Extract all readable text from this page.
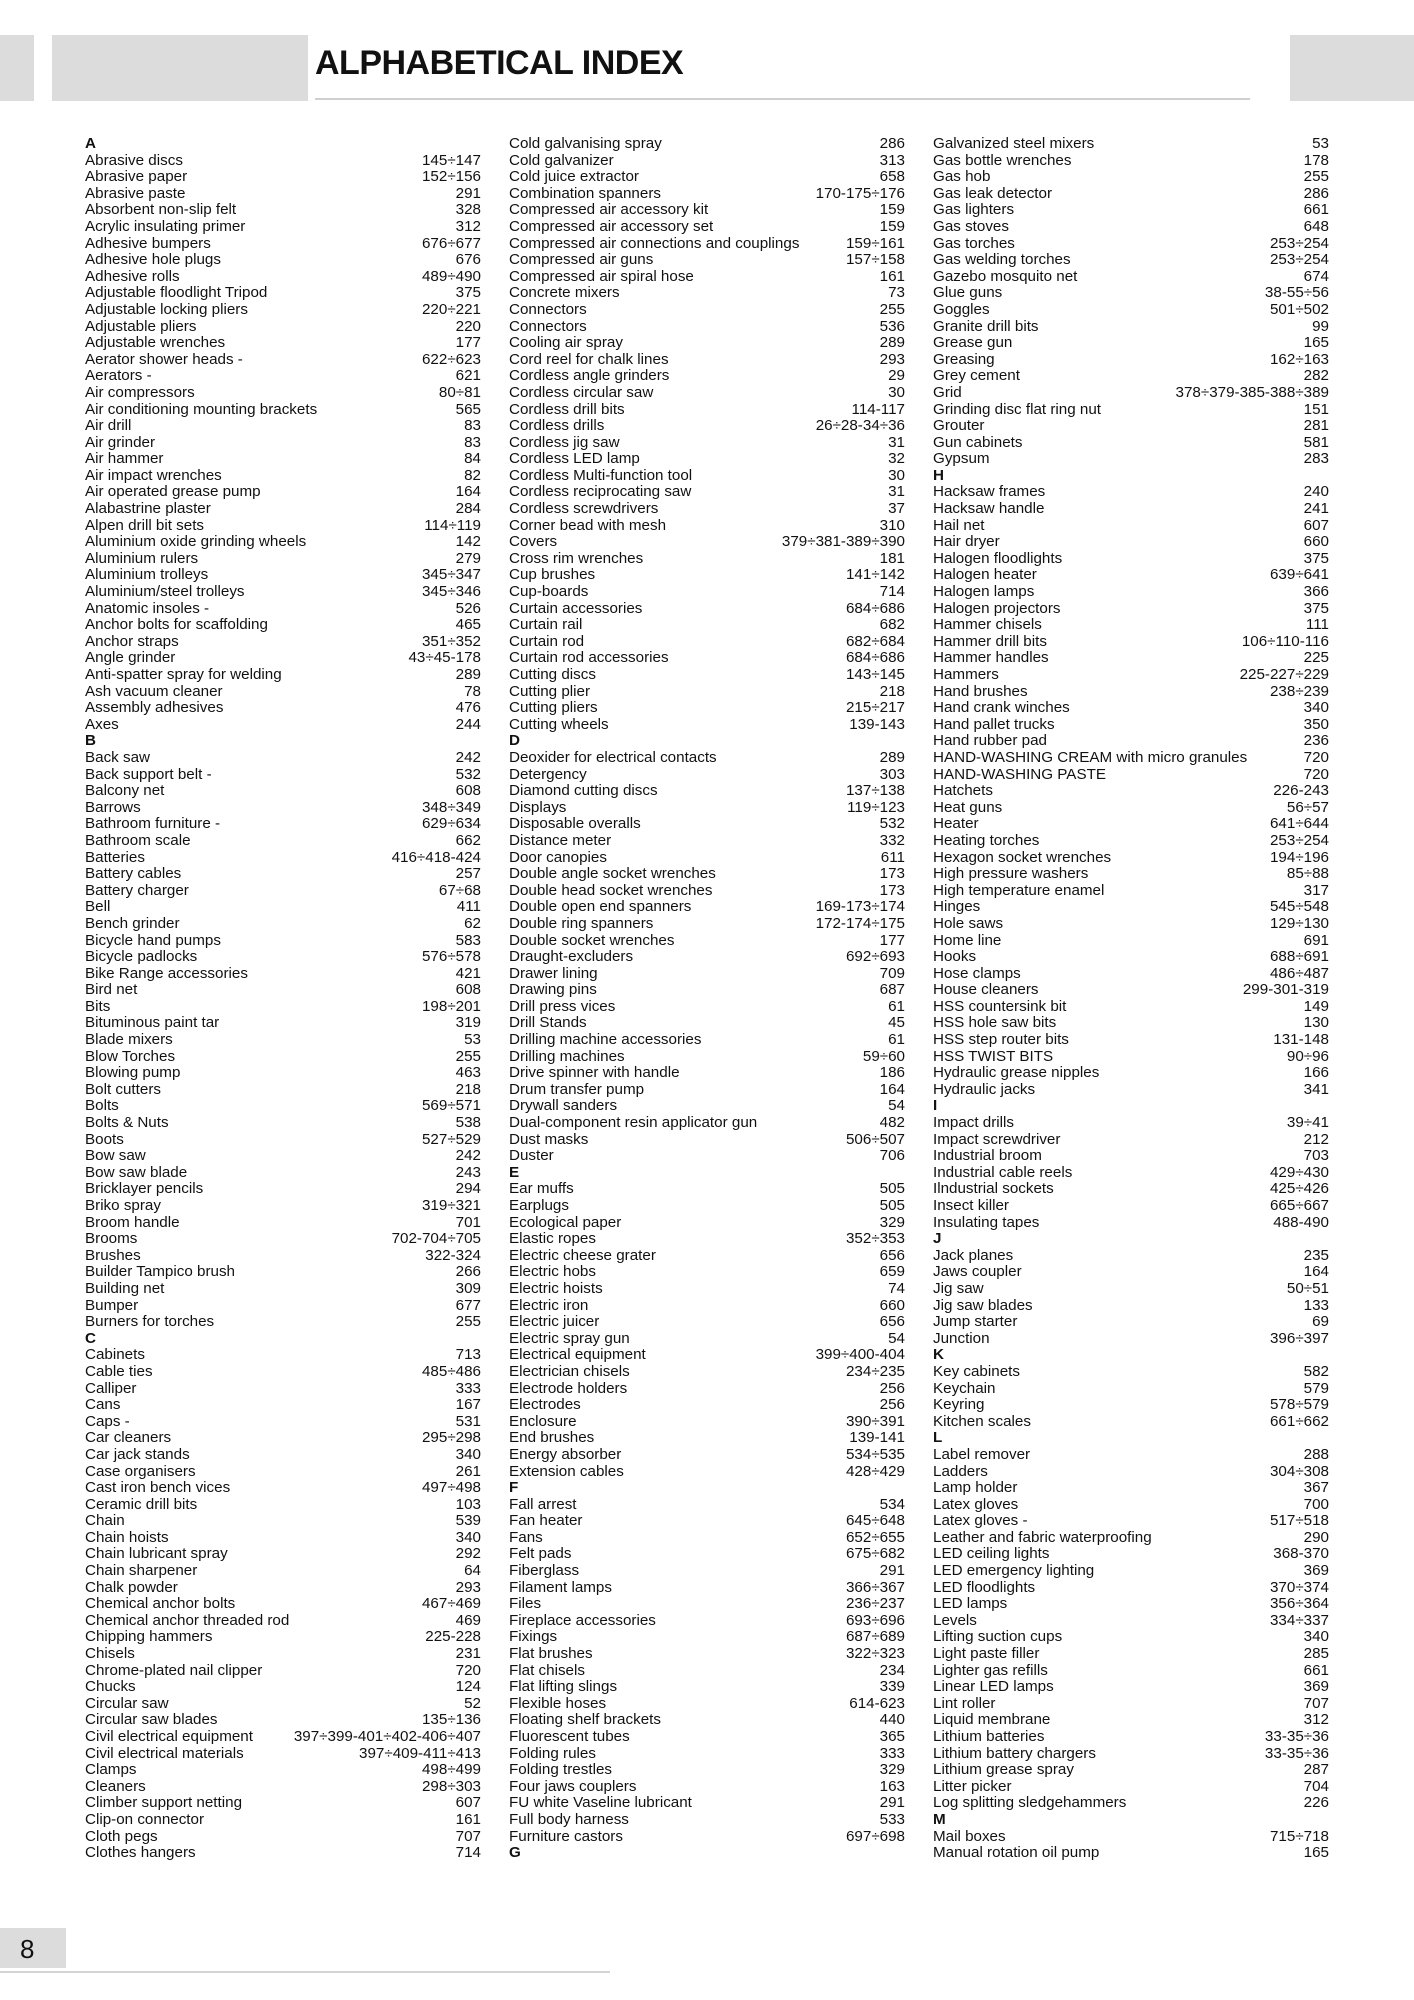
ALPHABETICAL INDEX
A
Abrasive discs	145÷147
Abrasive paper	152÷156
Abrasive paste	291
Absorbent non-slip felt	328
Acrylic insulating primer	312
Adhesive bumpers	676÷677
Adhesive hole plugs	676
Adhesive rolls	489÷490
Adjustable floodlight Tripod	375
Adjustable locking pliers	220÷221
Adjustable pliers	220
Adjustable wrenches	177
Aerator shower heads -	622÷623
Aerators -	621
Air compressors	80÷81
Air conditioning mounting brackets	565
Air drill	83
Air grinder	83
Air hammer	84
Air impact wrenches	82
Air operated grease pump	164
Alabastrine plaster	284
Alpen drill bit sets	114÷119
Aluminium oxide grinding wheels	142
Aluminium rulers	279
Aluminium trolleys	345÷347
Aluminium/steel trolleys	345÷346
Anatomic insoles -	526
Anchor bolts for scaffolding	465
Anchor straps	351÷352
Angle grinder	43÷45-178
Anti-spatter spray for welding	289
Ash vacuum cleaner	78
Assembly adhesives	476
Axes	244
B
Back saw	242
Back support belt -	532
Balcony net	608
Barrows	348÷349
Bathroom furniture -	629÷634
Bathroom scale	662
Batteries	416÷418-424
Battery cables	257
Battery charger	67÷68
Bell	411
Bench grinder	62
Bicycle hand pumps	583
Bicycle padlocks	576÷578
Bike Range accessories	421
Bird net	608
Bits	198÷201
Bituminous paint tar	319
Blade mixers	53
Blow Torches	255
Blowing pump	463
Bolt cutters	218
Bolts	569÷571
Bolts & Nuts	538
Boots	527÷529
Bow saw	242
Bow saw blade	243
Bricklayer pencils	294
Briko spray	319÷321
Broom handle	701
Brooms	702-704÷705
Brushes	322-324
Builder Tampico brush	266
Building net	309
Bumper	677
Burners for torches	255
C
Cabinets	713
Cable ties	485÷486
Calliper	333
Cans	167
Caps -	531
Car cleaners	295÷298
Car jack stands	340
Case organisers	261
Cast iron bench vices	497÷498
Ceramic drill bits	103
Chain	539
Chain hoists	340
Chain lubricant spray	292
Chain sharpener	64
Chalk powder	293
Chemical anchor bolts	467÷469
Chemical anchor threaded rod	469
Chipping hammers	225-228
Chisels	231
Chrome-plated nail clipper	720
Chucks	124
Circular saw	52
Circular saw blades	135÷136
Civil electrical equipment	397÷399-401÷402-406÷407
Civil electrical materials	397÷409-411÷413
Clamps	498÷499
Cleaners	298÷303
Climber support netting	607
Clip-on connector	161
Cloth pegs	707
Clothes hangers	714
Cold galvanising spray	286
Cold galvanizer	313
Cold juice extractor	658
Combination spanners	170-175÷176
Compressed air accessory kit	159
Compressed air accessory set	159
Compressed air connections and couplings	159÷161
Compressed air guns	157÷158
Compressed air spiral hose	161
Concrete mixers	73
Connectors	255
Connectors	536
Cooling air spray	289
Cord reel for chalk lines	293
Cordless angle grinders	29
Cordless circular saw	30
Cordless drill bits	114-117
Cordless drills	26÷28-34÷36
Cordless jig saw	31
Cordless LED lamp	32
Cordless Multi-function tool	30
Cordless reciprocating saw	31
Cordless screwdrivers	37
Corner bead with mesh	310
Covers	379÷381-389÷390
Cross rim wrenches	181
Cup brushes	141÷142
Cup-boards	714
Curtain accessories	684÷686
Curtain rail	682
Curtain rod	682÷684
Curtain rod accessories	684÷686
Cutting discs	143÷145
Cutting plier	218
Cutting pliers	215÷217
Cutting wheels	139-143
D
Deoxider for electrical contacts	289
Detergency	303
Diamond cutting discs	137÷138
Displays	119÷123
Disposable overalls	532
Distance meter	332
Door canopies	611
Double angle socket wrenches	173
Double head socket wrenches	173
Double open end spanners	169-173÷174
Double ring spanners	172-174÷175
Double socket wrenches	177
Draught-excluders	692÷693
Drawer lining	709
Drawing pins	687
Drill press vices	61
Drill Stands	45
Drilling machine accessories	61
Drilling machines	59÷60
Drive spinner with handle	186
Drum transfer pump	164
Drywall sanders	54
Dual-component resin applicator gun	482
Dust masks	506÷507
Duster	706
E
Ear muffs	505
Earplugs	505
Ecological paper	329
Elastic ropes	352÷353
Electric cheese grater	656
Electric hobs	659
Electric hoists	74
Electric iron	660
Electric juicer	656
Electric spray gun	54
Electrical equipment	399÷400-404
Electrician chisels	234÷235
Electrode holders	256
Electrodes	256
Enclosure	390÷391
End brushes	139-141
Energy absorber	534÷535
Extension cables	428÷429
F
Fall arrest	534
Fan heater	645÷648
Fans	652÷655
Felt pads	675÷682
Fiberglass	291
Filament lamps	366÷367
Files	236÷237
Fireplace accessories	693÷696
Fixings	687÷689
Flat brushes	322÷323
Flat chisels	234
Flat lifting slings	339
Flexible hoses	614-623
Floating shelf brackets	440
Fluorescent tubes	365
Folding rules	333
Folding trestles	329
Four jaws couplers	163
FU white Vaseline lubricant	291
Full body harness	533
Furniture castors	697÷698
G
Galvanized steel mixers	53
Gas bottle wrenches	178
Gas hob	255
Gas leak detector	286
Gas lighters	661
Gas stoves	648
Gas torches	253÷254
Gas welding torches	253÷254
Gazebo mosquito net	674
Glue guns	38-55÷56
Goggles	501÷502
Granite drill bits	99
Grease gun	165
Greasing	162÷163
Grey cement	282
Grid	378÷379-385-388÷389
Grinding disc flat ring nut	151
Grouter	281
Gun cabinets	581
Gypsum	283
H
Hacksaw frames	240
Hacksaw handle	241
Hail net	607
Hair dryer	660
Halogen floodlights	375
Halogen heater	639÷641
Halogen lamps	366
Halogen projectors	375
Hammer chisels	111
Hammer drill bits	106÷110-116
Hammer handles	225
Hammers	225-227÷229
Hand brushes	238÷239
Hand crank winches	340
Hand pallet trucks	350
Hand rubber pad	236
HAND-WASHING CREAM with micro granules	720
HAND-WASHING PASTE	720
Hatchets	226-243
Heat guns	56÷57
Heater	641÷644
Heating torches	253÷254
Hexagon socket wrenches	194÷196
High pressure washers	85÷88
High temperature enamel	317
Hinges	545÷548
Hole saws	129÷130
Home line	691
Hooks	688÷691
Hose clamps	486÷487
House cleaners	299-301-319
HSS countersink bit	149
HSS hole saw bits	130
HSS step router bits	131-148
HSS TWIST BITS	90÷96
Hydraulic grease nipples	166
Hydraulic jacks	341
I
Impact drills	39÷41
Impact screwdriver	212
Industrial broom	703
Industrial cable reels	429÷430
Ilndustrial sockets	425÷426
Insect killer	665÷667
Insulating tapes	488-490
J
Jack planes	235
Jaws coupler	164
Jig saw	50÷51
Jig saw blades	133
Jump starter	69
Junction	396÷397
K
Key cabinets	582
Keychain	579
Keyring	578÷579
Kitchen scales	661÷662
L
Label remover	288
Ladders	304÷308
Lamp holder	367
Latex gloves	700
Latex gloves -	517÷518
Leather and fabric waterproofing	290
LED ceiling lights	368-370
LED emergency lighting	369
LED floodlights	370÷374
LED lamps	356÷364
Levels	334÷337
Lifting suction cups	340
Light paste filler	285
Lighter gas refills	661
Linear LED lamps	369
Lint roller	707
Liquid membrane	312
Lithium batteries	33-35÷36
Lithium battery chargers	33-35÷36
Lithium grease spray	287
Litter picker	704
Log splitting sledgehammers	226
M
Mail boxes	715÷718
Manual rotation oil pump	165
8
